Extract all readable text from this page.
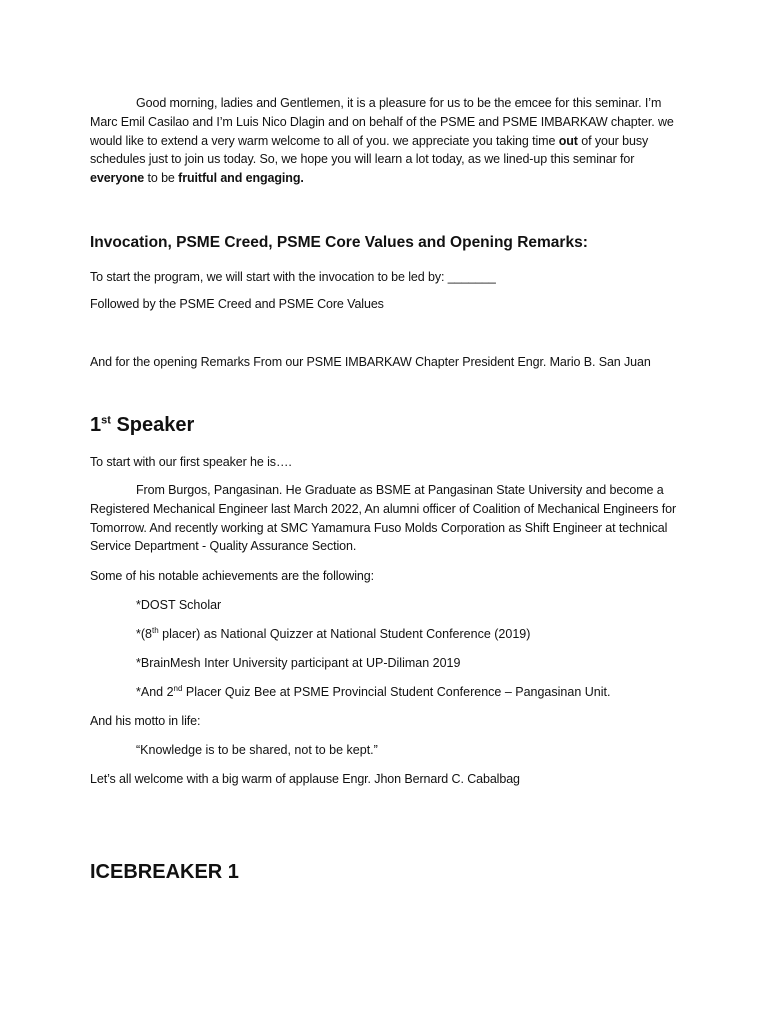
Good morning, ladies and Gentlemen, it is a pleasure for us to be the emcee for this seminar. I’m Marc Emil Casilao and I’m Luis Nico Dlagin and on behalf of the PSME and PSME IMBARKAW chapter. we would like to extend a very warm welcome to all of you. we appreciate you taking time out of your busy schedules just to join us today. So, we hope you will learn a lot today, as we lined-up this seminar for everyone to be fruitful and engaging.

Invocation, PSME Creed, PSME Core Values and Opening Remarks:

To start the program, we will start with the invocation to be led by: _______

Followed by the PSME Creed and PSME Core Values

And for the opening Remarks From our PSME IMBARKAW Chapter President Engr. Mario B. San Juan

1st Speaker

To start with our first speaker he is….

From Burgos, Pangasinan. He Graduate as BSME at Pangasinan State University and become a Registered Mechanical Engineer last March 2022, An alumni officer of Coalition of Mechanical Engineers for Tomorrow. And recently working at SMC Yamamura Fuso Molds Corporation as Shift Engineer at technical Service Department - Quality Assurance Section.

Some of his notable achievements are the following:

*DOST Scholar

*(8th placer) as National Quizzer at National Student Conference (2019)

*BrainMesh Inter University participant at UP-Diliman 2019

*And 2nd Placer Quiz Bee at PSME Provincial Student Conference – Pangasinan Unit.

And his motto in life:

“Knowledge is to be shared, not to be kept.”

Let’s all welcome with a big warm of applause Engr. Jhon Bernard C. Cabalbag

ICEBREAKER 1
